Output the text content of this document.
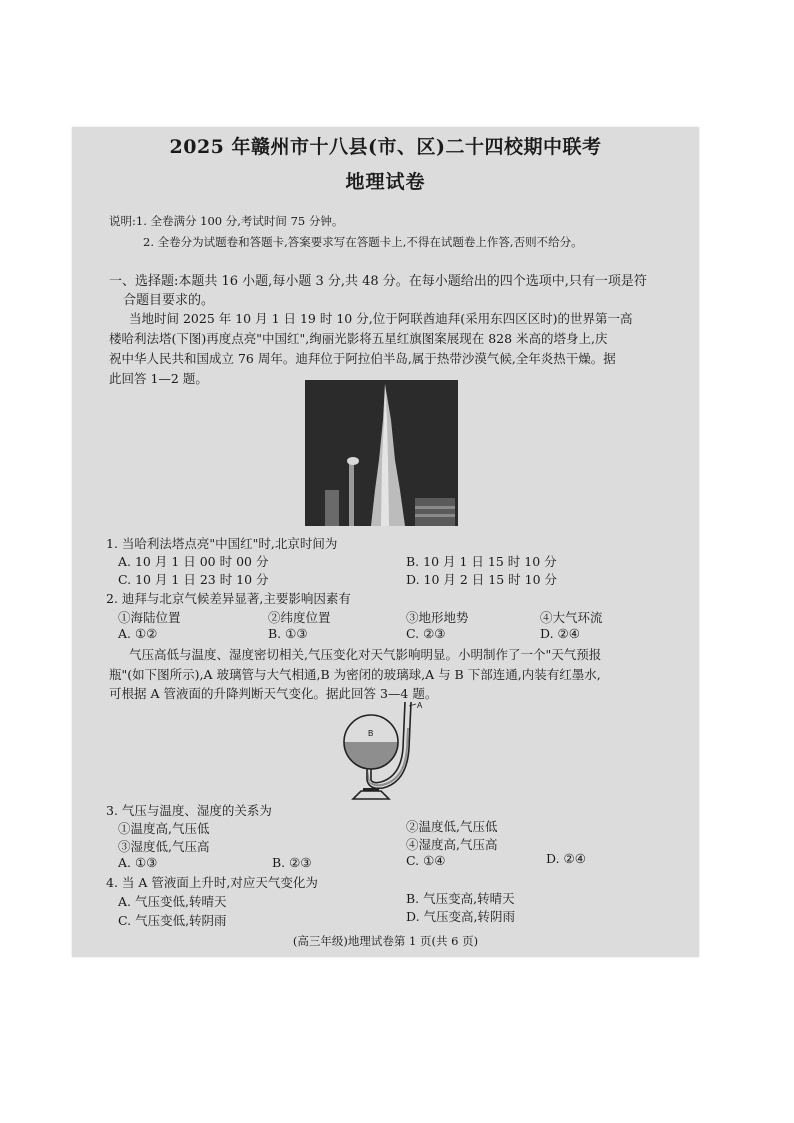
2025 年赣州市十八县(市、区)二十四校期中联考
地理试卷
说明:1. 全卷满分 100 分,考试时间 75 分钟。
2. 全卷分为试题卷和答题卡,答案要求写在答题卡上,不得在试题卷上作答,否则不给分。
一、选择题:本题共 16 小题,每小题 3 分,共 48 分。在每小题给出的四个选项中,只有一项是符
合题目要求的。
当地时间 2025 年 10 月 1 日 19 时 10 分,位于阿联酋迪拜(采用东四区区时)的世界第一高
楼哈利法塔(下图)再度点亮"中国红",绚丽光影将五星红旗图案展现在 828 米高的塔身上,庆
祝中华人民共和国成立 76 周年。迪拜位于阿拉伯半岛,属于热带沙漠气候,全年炎热干燥。据
此回答 1—2 题。
1. 当哈利法塔点亮"中国红"时,北京时间为
A. 10 月 1 日 00 时 00 分	B. 10 月 1 日 15 时 10 分
C. 10 月 1 日 23 时 10 分	D. 10 月 2 日 15 时 10 分
2. 迪拜与北京气候差异显著,主要影响因素有
①海陆位置	②纬度位置	③地形地势	④大气环流
A. ①②	B. ①③	C. ②③	D. ②④
气压高低与温度、湿度密切相关,气压变化对天气影响明显。小明制作了一个"天气预报
瓶"(如下图所示),A 玻璃管与大气相通,B 为密闭的玻璃球,A 与 B 下部连通,内装有红墨水,
可根据 A 管液面的升降判断天气变化。据此回答 3—4 题。
B
A
3. 气压与温度、湿度的关系为
①温度高,气压低	②温度低,气压低
③湿度低,气压高	④湿度高,气压高
A. ①③	B. ②③	C. ①④	D. ②④
4. 当 A 管液面上升时,对应天气变化为
A. 气压变低,转晴天	B. 气压变高,转晴天
C. 气压变低,转阴雨	D. 气压变高,转阴雨
(高三年级)地理试卷第 1 页(共 6 页)
